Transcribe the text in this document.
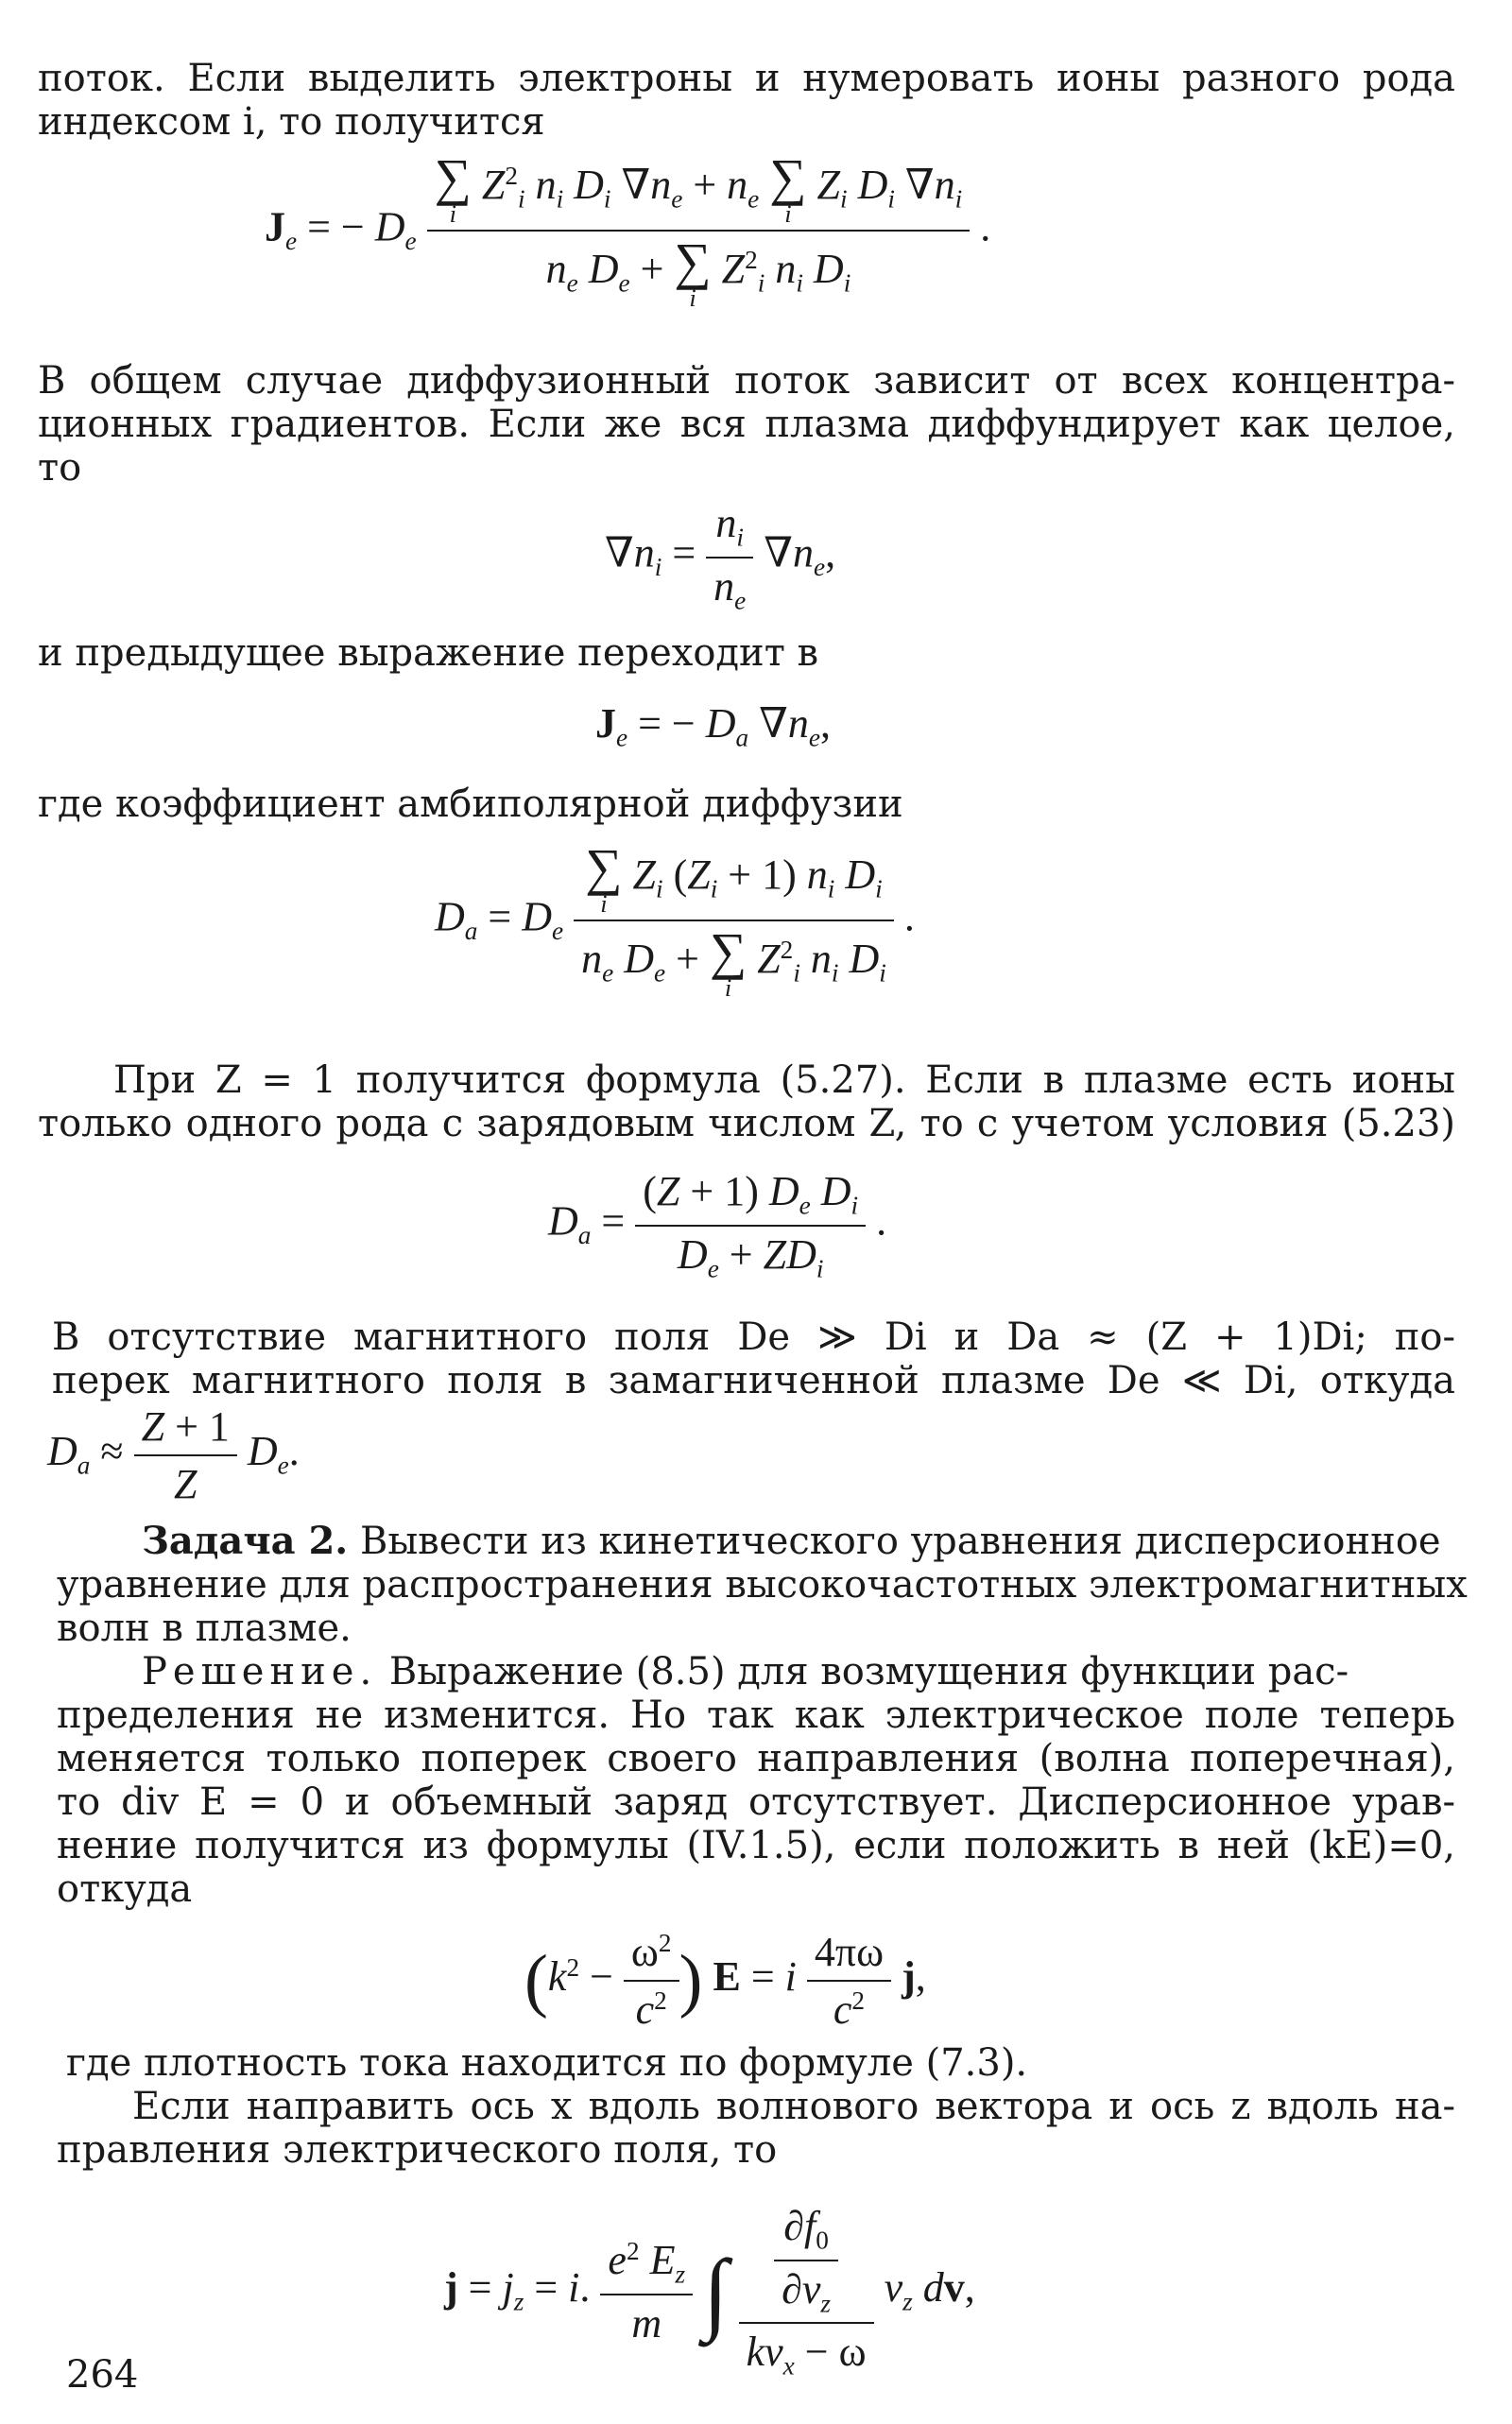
поток. Если выделить электроны и нумеровать ионы разного рода
индексом i, то получится
$J_e$ = − $D_e$ ∑
i
$Z^2_i$ $n_i$ $D_i$ $\nabla n_e + n_e$ ∑
i
$Z_i$ $D_i$ $\nabla n_i$
$n_e$ $D_e$ + ∑
i
$Z^2_i$ $n_i$ $D_i$ .
В общем случае диффузионный поток зависит от всех концентра-
ционных градиентов. Если же вся плазма диффундирует как целое,
то
$\nabla n_i = \frac{n_i}{n_e} \nabla n_e$,
и предыдущее выражение переходит в
$J_e$ = − $D_a$ $\nabla n_e$,
где коэффициент амбиполярной диффузии
$D_a = D_e$ ∑
i
$Z_i$ $(Z_i + 1)$ $n_i$ $D_i$
$n_e$ $D_e$ + ∑
i
$Z^2_i$ $n_i$ $D_i$ .
При Z = 1 получится формула (5.27). Если в плазме есть ионы
только одного рода с зарядовым числом Z, то с учетом условия (5.23)
$D_a = \frac{(Z + 1) D_e D_i}{D_e + ZD_i}$ .
В отсутствие магнитного поля De ≫ Di и Da ≈ (Z + 1)Di; по-
перек магнитного поля в замагниченной плазме De ≪ Di, откуда
$D_a \approx \frac{Z + 1}{Z} D_e$.
Задача 2. Вывести из кинетического уравнения дисперсионное
уравнение для распространения высокочастотных электромагнитных
волн в плазме.
Решение. Выражение (8.5) для возмущения функции рас-
пределения не изменится. Но так как электрическое поле теперь
меняется только поперек своего направления (волна поперечная),
то div E = 0 и объемный заряд отсутствует. Дисперсионное урав-
нение получится из формулы (IV.1.5), если положить в ней (kE)=0,
откуда
($k^2 - \frac{\omega^2}{c^2}$ ) E = i $\frac{4\pi\omega}{c^2} j$,
где плотность тока находится по формуле (7.3).
Если направить ось x вдоль волнового вектора и ось z вдоль на-
правления электрического поля, то
$j = j_z = i$. $\frac{e^2 E_z}{m}$ ∫ $\frac{\frac{\partial f_0}{\partial v_z}}{kv_x - \omega} v_z$ dv,
264
